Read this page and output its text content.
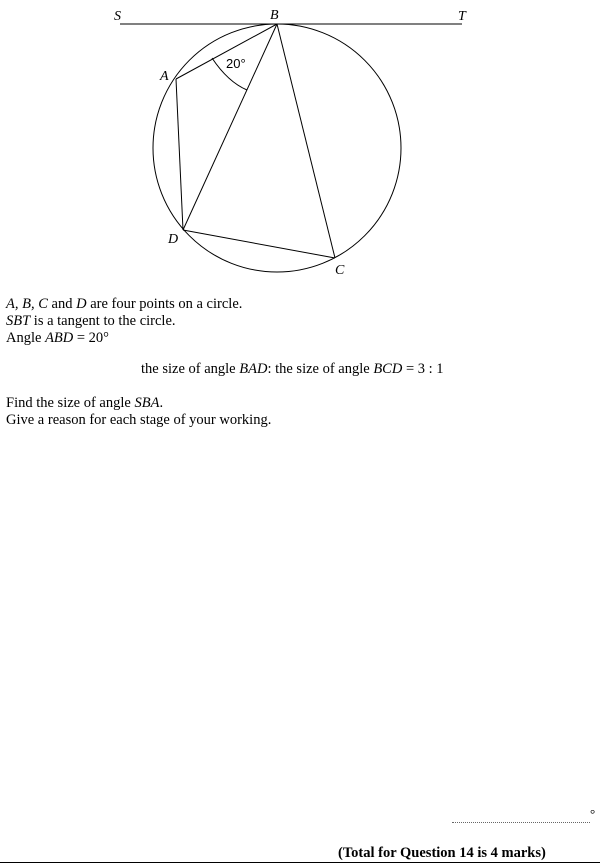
S	B	T
A
D
C
20°
A, B, C and D are four points on a circle.
SBT is a tangent to the circle.
Angle ABD = 20°
the size of angle BAD: the size of angle BCD = 3 : 1
Find the size of angle SBA.
Give a reason for each stage of your working.
°
(Total for Question 14 is 4 marks)
